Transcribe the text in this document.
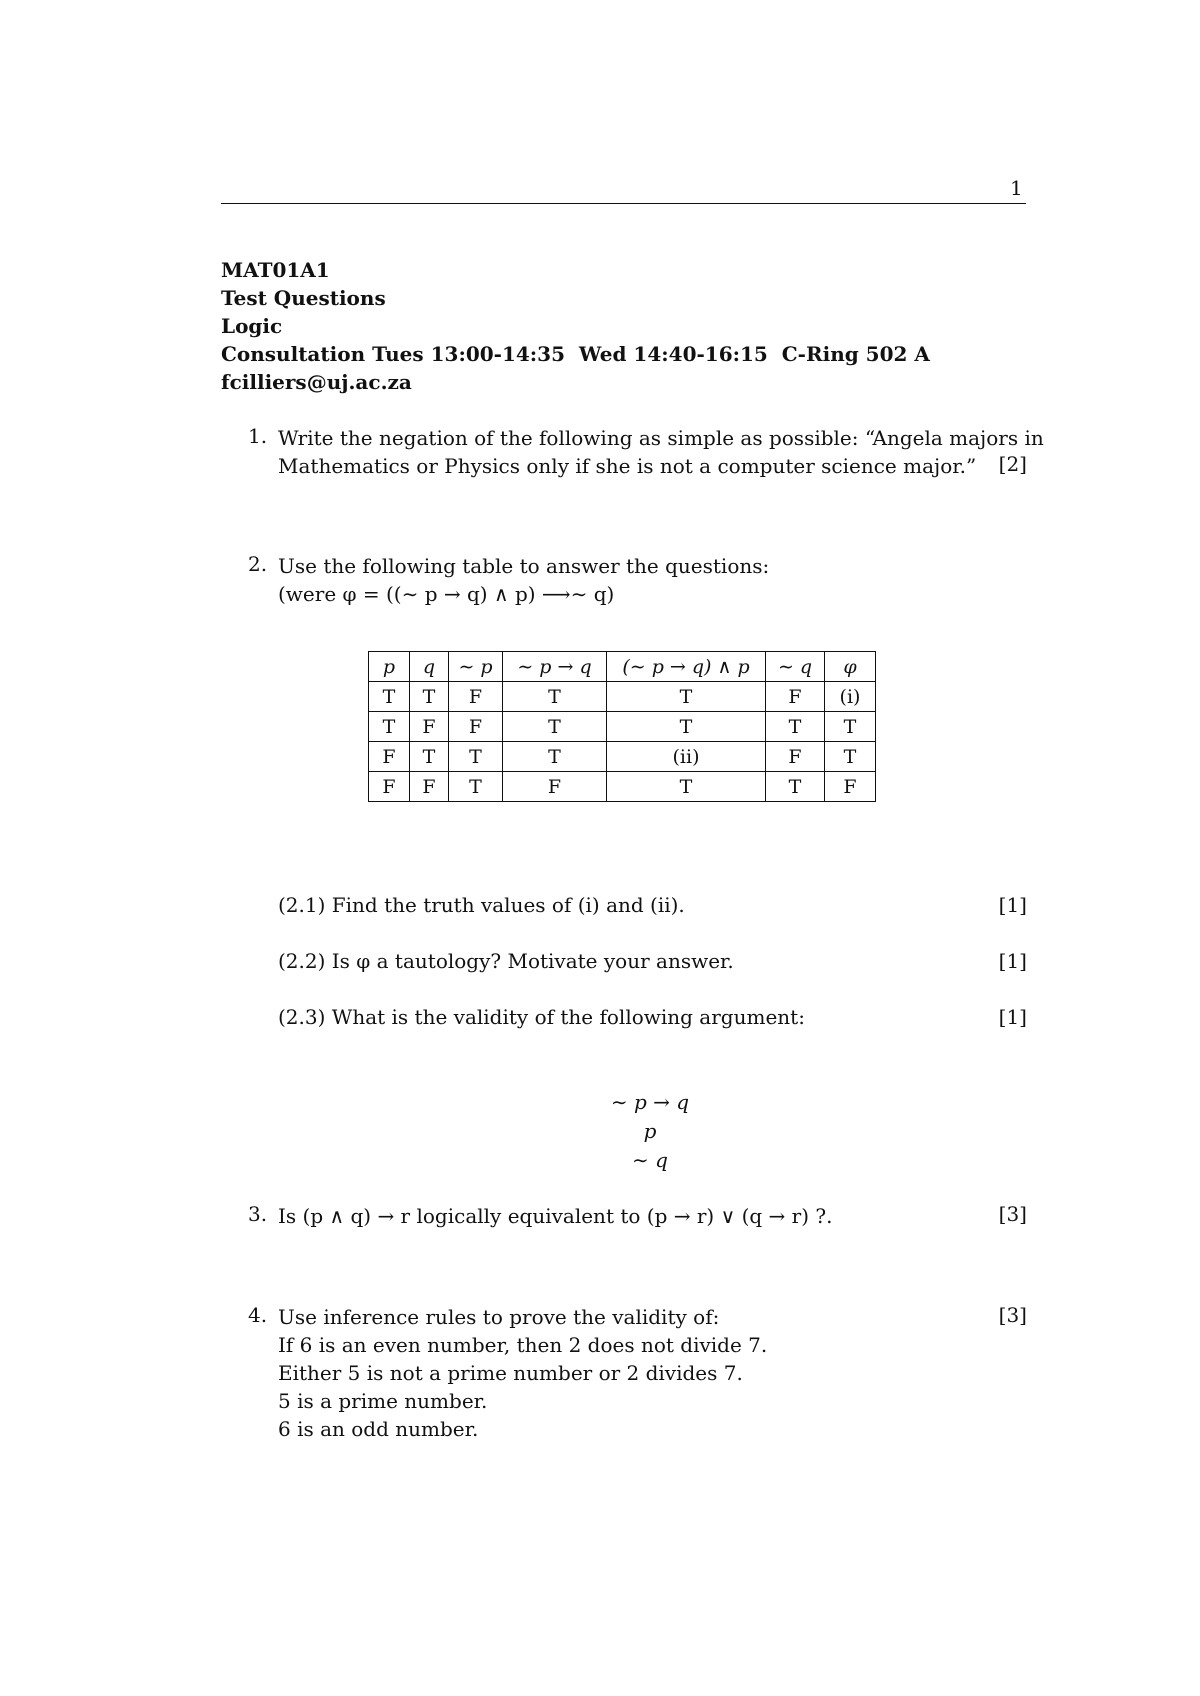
1
MAT01A1
Test Questions
Logic
Consultation Tues 13:00-14:35  Wed 14:40-16:15  C-Ring 502 A
fcilliers@uj.ac.za
1. Write the negation of the following as simple as possible: “Angela majors in
Mathematics or Physics only if she is not a computer science major.” [2]
2. Use the following table to answer the questions:
(were φ = ((∼ p → q) ∧ p) ⟶∼ q)
p	q	∼ p	∼ p → q	(∼ p → q) ∧ p	∼ q	φ
T	T	F	T	T	F	(i)
T	F	F	T	T	T	T
F	T	T	T	(ii)	F	T
F	F	T	F	T	T	F
(2.1) Find the truth values of (i) and (ii).	[1]
(2.2) Is φ a tautology? Motivate your answer.	[1]
(2.3) What is the validity of the following argument:	[1]
∼ p → q
p
∼ q
3. Is (p ∧ q) → r logically equivalent to (p → r) ∨ (q → r) ?.	[3]
4. Use inference rules to prove the validity of:	[3]
If 6 is an even number, then 2 does not divide 7.
Either 5 is not a prime number or 2 divides 7.
5 is a prime number.
6 is an odd number.
